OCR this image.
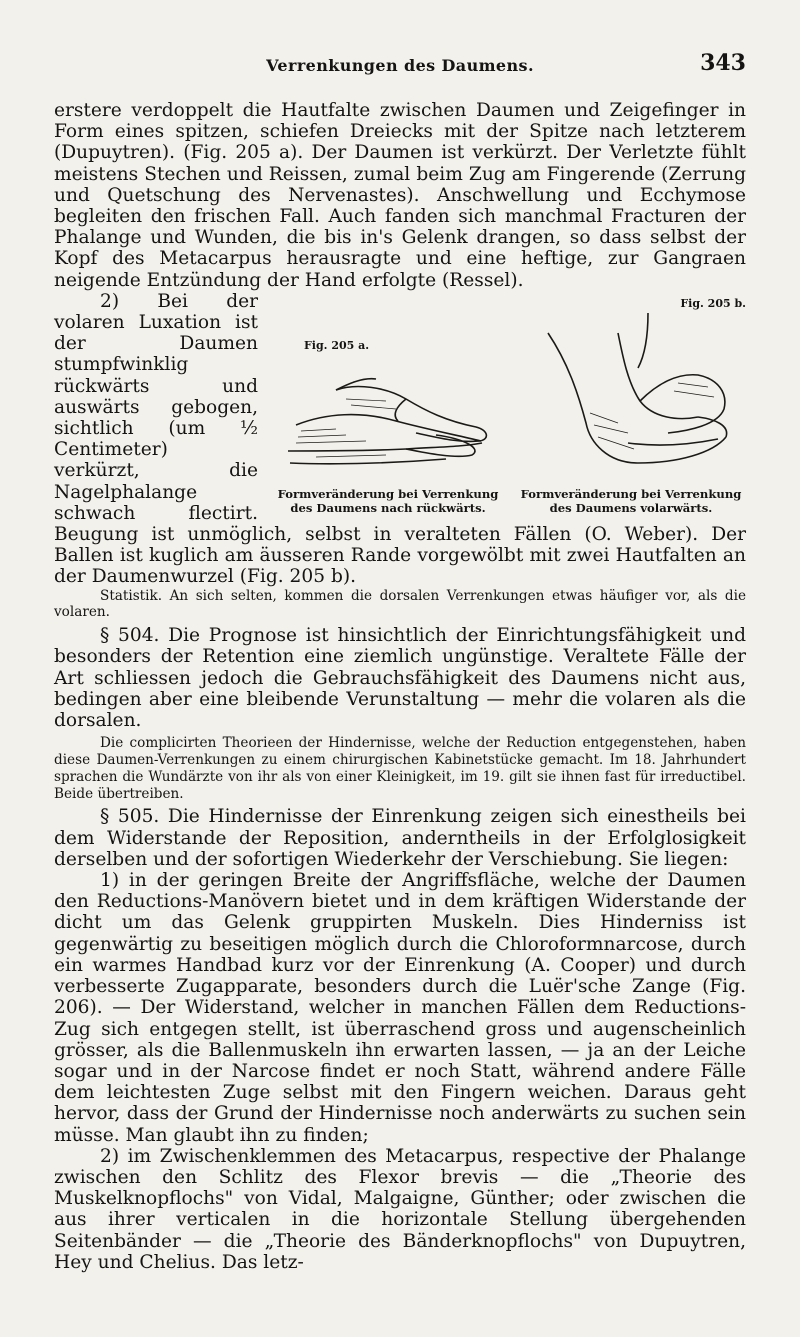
Verrenkungen des Daumens.	343

erstere verdoppelt die Hautfalte zwischen Daumen und Zeigefinger in Form eines spitzen, schiefen Dreiecks mit der Spitze nach letzterem (Dupuytren). (Fig. 205 a). Der Daumen ist verkürzt. Der Verletzte fühlt meistens Stechen und Reissen, zumal beim Zug am Fingerende (Zerrung und Quetschung des Nervenastes). Anschwellung und Ecchymose begleiten den frischen Fall. Auch fanden sich manchmal Fracturen der Phalange und Wunden, die bis in's Gelenk drangen, so dass selbst der Kopf des Metacarpus herausragte und eine heftige, zur Gangraen neigende Entzündung der Hand erfolgte (Ressel).

Fig. 205 b.
Fig. 205 a.
Formveränderung bei Verrenkung des Daumens nach rückwärts.
Formveränderung bei Verrenkung des Daumens volarwärts.

2) Bei der volaren Luxation ist der Daumen stumpfwinklig rückwärts und auswärts gebogen, sichtlich (um ½ Centimeter) verkürzt, die Nagelphalange schwach flectirt. Beugung ist unmöglich, selbst in veralteten Fällen (O. Weber). Der Ballen ist kuglich am äusseren Rande vorgewölbt mit zwei Hautfalten an der Daumenwurzel (Fig. 205 b).

Statistik. An sich selten, kommen die dorsalen Verrenkungen etwas häufiger vor, als die volaren.

§ 504. Die Prognose ist hinsichtlich der Einrichtungsfähigkeit und besonders der Retention eine ziemlich ungünstige. Veraltete Fälle der Art schliessen jedoch die Gebrauchsfähigkeit des Daumens nicht aus, bedingen aber eine bleibende Verunstaltung — mehr die volaren als die dorsalen.

Die complicirten Theorieen der Hindernisse, welche der Reduction entgegenstehen, haben diese Daumen-Verrenkungen zu einem chirurgischen Kabinetstücke gemacht. Im 18. Jahrhundert sprachen die Wundärzte von ihr als von einer Kleinigkeit, im 19. gilt sie ihnen fast für irreductibel. Beide übertreiben.

§ 505. Die Hindernisse der Einrenkung zeigen sich einestheils bei dem Widerstande der Reposition, anderntheils in der Erfolglosigkeit derselben und der sofortigen Wiederkehr der Verschiebung. Sie liegen:

1) in der geringen Breite der Angriffsfläche, welche der Daumen den Reductions-Manövern bietet und in dem kräftigen Widerstande der dicht um das Gelenk gruppirten Muskeln. Dies Hinderniss ist gegenwärtig zu beseitigen möglich durch die Chloroformnarcose, durch ein warmes Handbad kurz vor der Einrenkung (A. Cooper) und durch verbesserte Zugapparate, besonders durch die Luër'sche Zange (Fig. 206). — Der Widerstand, welcher in manchen Fällen dem Reductions-Zug sich entgegen stellt, ist überraschend gross und augenscheinlich grösser, als die Ballenmuskeln ihn erwarten lassen, — ja an der Leiche sogar und in der Narcose findet er noch Statt, während andere Fälle dem leichtesten Zuge selbst mit den Fingern weichen. Daraus geht hervor, dass der Grund der Hindernisse noch anderwärts zu suchen sein müsse. Man glaubt ihn zu finden;

2) im Zwischenklemmen des Metacarpus, respective der Phalange zwischen den Schlitz des Flexor brevis — die „Theorie des Muskelknopflochs" von Vidal, Malgaigne, Günther; oder zwischen die aus ihrer verticalen in die horizontale Stellung übergehenden Seitenbänder — die „Theorie des Bänderknopflochs" von Dupuytren, Hey und Chelius. Das letz-
